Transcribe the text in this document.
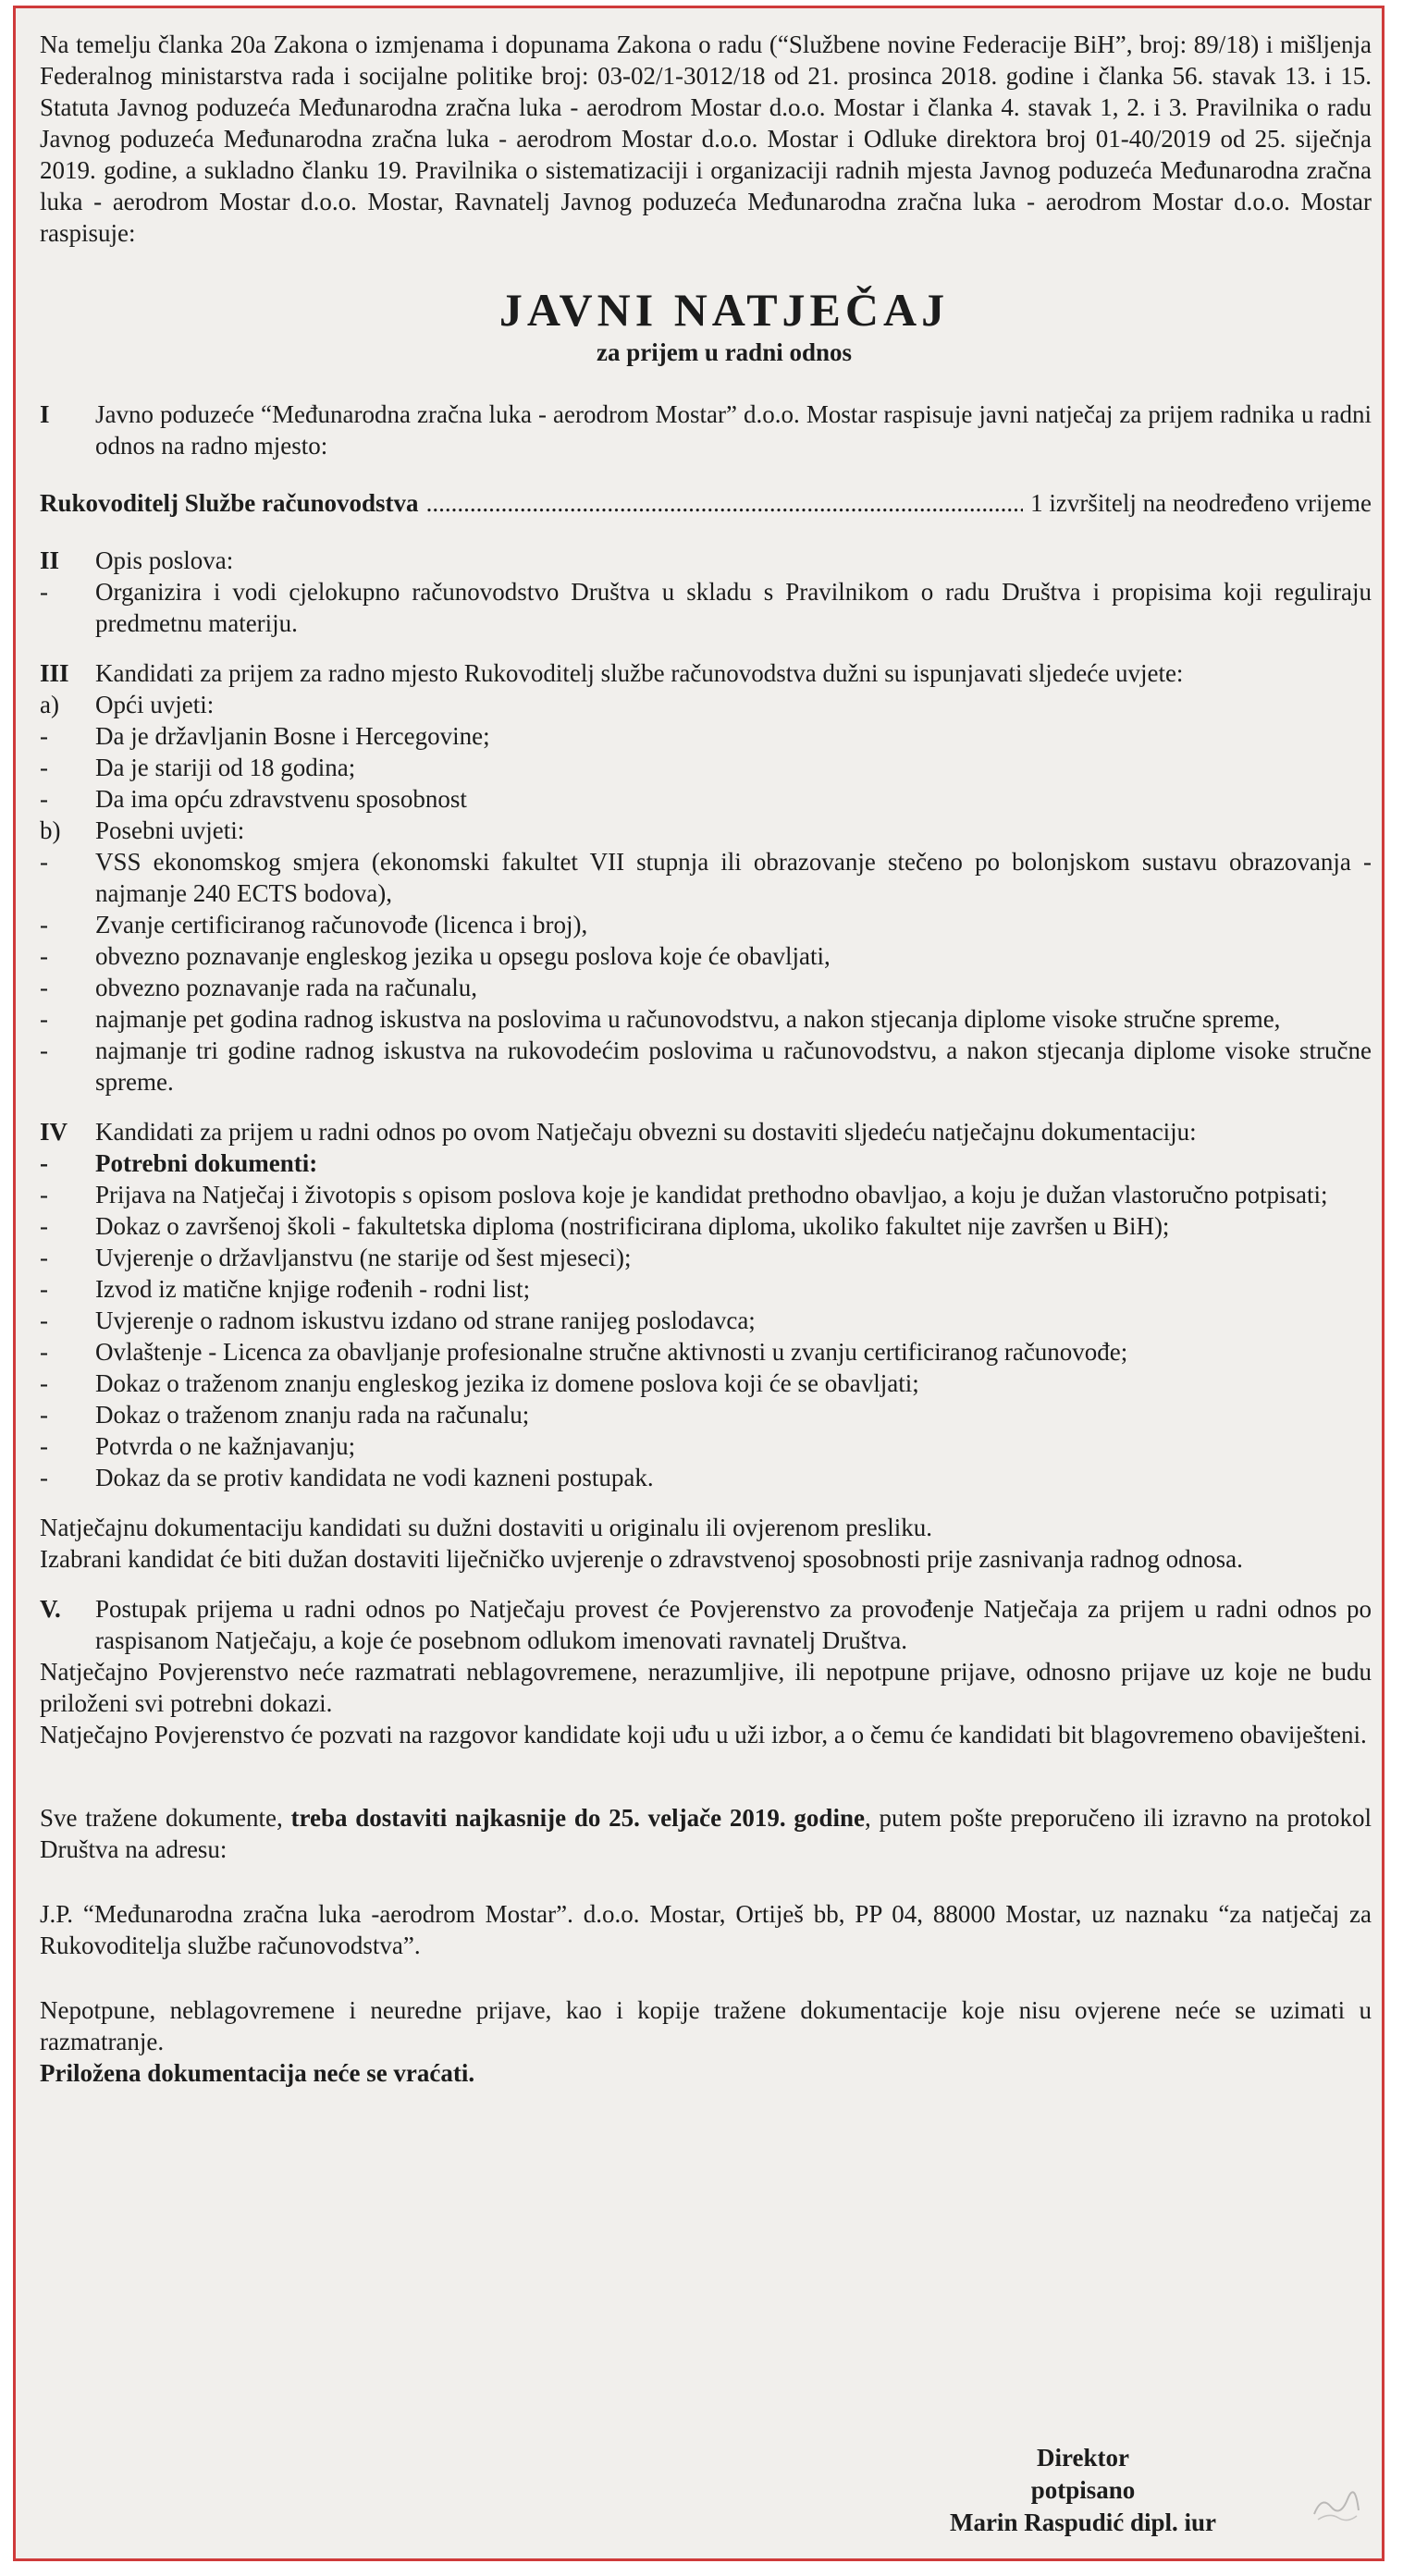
Na temelju članka 20a Zakona o izmjenama i dopunama Zakona o radu (“Službene novine Federacije BiH”, broj: 89/18) i mišljenja Federalnog ministarstva rada i socijalne politike broj: 03-02/1-3012/18 od 21. prosinca 2018. godine i članka 56. stavak 13. i 15. Statuta Javnog poduzeća Međunarodna zračna luka - aerodrom Mostar d.o.o. Mostar i članka 4. stavak 1, 2. i 3. Pravilnika o radu Javnog poduzeća Međunarodna zračna luka - aerodrom Mostar d.o.o. Mostar i Odluke direktora broj 01-40/2019 od 25. siječnja 2019. godine, a sukladno članku 19. Pravilnika o sistematizaciji i organizaciji radnih mjesta Javnog poduzeća Međunarodna zračna luka - aerodrom Mostar d.o.o. Mostar, Ravnatelj Javnog poduzeća Međunarodna zračna luka - aerodrom Mostar d.o.o. Mostar raspisuje:

JAVNI NATJEČAJ
za prijem u radni odnos
I	Javno poduzeće “Međunarodna zračna luka - aerodrom Mostar” d.o.o. Mostar raspisuje javni natječaj za prijem radnika u radni odnos na radno mjesto:
Rukovoditelj Službe računovodstva
.....	1 izvršitelj na neodređeno vrijeme
II	Opis poslova:
-	Organizira i vodi cjelokupno računovodstvo Društva u skladu s Pravilnikom o radu Društva i propisima koji reguliraju predmetnu materiju.
III	Kandidati za prijem za radno mjesto Rukovoditelj službe računovodstva dužni su ispunjavati sljedeće uvjete:
a)	Opći uvjeti:
-	Da je državljanin Bosne i Hercegovine;
-	Da je stariji od 18 godina;
-	Da ima opću zdravstvenu sposobnost
b)	Posebni uvjeti:
-	VSS ekonomskog smjera (ekonomski fakultet VII stupnja ili obrazovanje stečeno po bolonjskom sustavu obrazovanja - najmanje 240 ECTS bodova),
-	Zvanje certificiranog računovođe (licenca i broj),
-	obvezno poznavanje engleskog jezika u opsegu poslova koje će obavljati,
-	obvezno poznavanje rada na računalu,
-	najmanje pet godina radnog iskustva na poslovima u računovodstvu, a nakon stjecanja diplome visoke stručne spreme,
-	najmanje tri godine radnog iskustva na rukovodećim poslovima u računovodstvu, a nakon stjecanja diplome visoke stručne spreme.
IV	Kandidati za prijem u radni odnos po ovom Natječaju obvezni su dostaviti sljedeću natječajnu dokumentaciju:
-	Potrebni dokumenti:
-	Prijava na Natječaj i životopis s opisom poslova koje je kandidat prethodno obavljao, a koju je dužan vlastoručno potpisati;
-	Dokaz o završenoj školi - fakultetska diploma (nostrificirana diploma, ukoliko fakultet nije završen u BiH);
-	Uvjerenje o državljanstvu (ne starije od šest mjeseci);
-	Izvod iz matične knjige rođenih - rodni list;
-	Uvjerenje o radnom iskustvu izdano od strane ranijeg poslodavca;
-	Ovlaštenje - Licenca za obavljanje profesionalne stručne aktivnosti u zvanju certificiranog računovođe;
-	Dokaz o traženom znanju engleskog jezika iz domene poslova koji će se obavljati;
-	Dokaz o traženom znanju rada na računalu;
-	Potvrda o ne kažnjavanju;
-	Dokaz da se protiv kandidata ne vodi kazneni postupak.

Natječajnu dokumentaciju kandidati su dužni dostaviti u originalu ili ovjerenom presliku.

Izabrani kandidat će biti dužan dostaviti liječničko uvjerenje o zdravstvenoj sposobnosti prije zasnivanja radnog odnosa.

V.	Postupak prijema u radni odnos po Natječaju provest će Povjerenstvo za provođenje Natječaja za prijem u radni odnos po raspisanom Natječaju, a koje će posebnom odlukom imenovati ravnatelj Društva.

Natječajno Povjerenstvo neće razmatrati neblagovremene, nerazumljive, ili nepotpune prijave, odnosno prijave uz koje ne budu priloženi svi potrebni dokazi.

Natječajno Povjerenstvo će pozvati na razgovor kandidate koji uđu u uži izbor, a o čemu će kandidati bit blagovremeno obaviješteni.

Sve tražene dokumente, treba dostaviti najkasnije do 25. veljače 2019. godine, putem pošte preporučeno ili izravno na protokol Društva na adresu:

J.P. “Međunarodna zračna luka -aerodrom Mostar”. d.o.o. Mostar, Ortiješ bb, PP 04, 88000 Mostar, uz naznaku “za natječaj za Rukovoditelja službe računovodstva”.

Nepotpune, neblagovremene i neuredne prijave, kao i kopije tražene dokumentacije koje nisu ovjerene neće se uzimati u razmatranje.

Priložena dokumentacija neće se vraćati.

Direktor
potpisano
Marin Raspudić dipl. iur
